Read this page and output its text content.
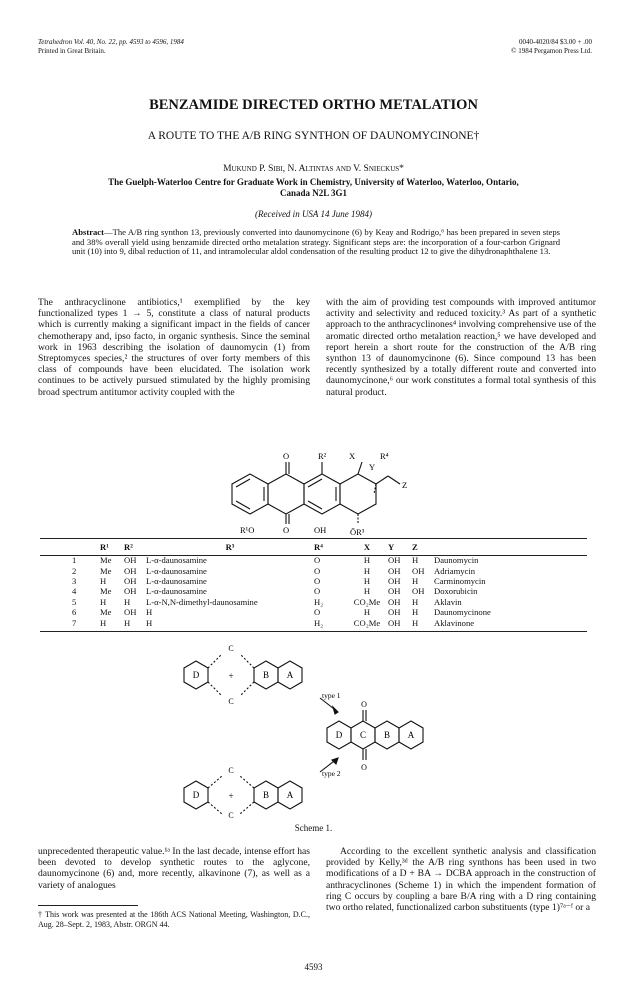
Tetrahedron Vol. 40, No. 22, pp. 4593 to 4596, 1984
Printed in Great Britain.
0040-4020/84 $3.00 + .00
© 1984 Pergamon Press Ltd.
BENZAMIDE DIRECTED ORTHO METALATION
A ROUTE TO THE A/B RING SYNTHON OF DAUNOMYCINONE†
Mukund P. Sibi, N. Altintas and V. Snieckus*
The Guelph-Waterloo Centre for Graduate Work in Chemistry, University of Waterloo, Waterloo, Ontario,
Canada N2L 3G1
(Received in USA 14 June 1984)
Abstract—The A/B ring synthon 13, previously converted into daunomycinone (6) by Keay and Rodrigo,⁶ has been prepared in seven steps and 38% overall yield using benzamide directed ortho metalation strategy. Significant steps are: the incorporation of a four-carbon Grignard unit (10) into 9, dibal reduction of 11, and intramolecular aldol condensation of the resulting product 12 to give the dihydronaphthalene 13.

The anthracyclinone antibiotics,¹ exemplified by the key functionalized types 1 → 5, constitute a class of natural products which is currently making a significant impact in the fields of cancer chemotherapy and, ipso facto, in organic synthesis. Since the seminal work in 1963 describing the isolation of daunomycin (1) from Streptomyces species,² the structures of over forty members of this class of compounds have been elucidated. The isolation work continues to be actively pursued stimulated by the highly promising broad spectrum antitumor activity coupled with the

with the aim of providing test compounds with improved antitumor activity and selectivity and reduced toxicity.³ As part of a synthetic approach to the anthracyclinones⁴ involving comprehensive use of the aromatic directed ortho metalation reaction,⁵ we have developed and report herein a short route for the construction of the A/B ring synthon 13 of daunomycinone (6). Since compound 13 has been recently synthesized by a totally different route and converted into daunomycinone,⁶ our work constitutes a formal total synthesis of this natural product.

O	R²	X
Y
R⁴
Z
R¹O	O	OH	ŌR³
	R¹	R²	R³	R⁴	X	Y	Z	
1	Me	OH	L-α-daunosamine	O	H	OH	H	Daunomycin
2	Me	OH	L-α-daunosamine	O	H	OH	OH	Adriamycin
3	H	OH	L-α-daunosamine	O	H	OH	H	Carminomycin
4	Me	OH	L-α-daunosamine	O	H	OH	OH	Doxorubicin
5	H	H	L-α-N,N-dimethyl-daunosamine	H₂	CO₂Me	OH	H	Aklavin
6	Me	OH	H	O	H	OH	H	Daunomycinone
7	H	H	H	H₂	CO₂Me	OH	H	Aklavinone
D	+	B A
C
C
D C B A
O
O
D	+	B A
C
C
type 1
type 2
Scheme 1.

unprecedented therapeutic value.¹ᵃ In the last decade, intense effort has been devoted to develop synthetic routes to the aglycone, daunomycinone (6) and, more recently, alkavinone (7), as well as a variety of analogues

† This work was presented at the 186th ACS National Meeting, Washington, D.C., Aug. 28–Sept. 2, 1983, Abstr. ORGN 44.

According to the excellent synthetic analysis and classification provided by Kelly,³ᵈ the A/B ring synthons has been used in two modifications of a D + BA → DCBA approach in the construction of anthracyclinones (Scheme 1) in which the impendent formation of ring C occurs by coupling a bare B/A ring with a D ring containing two ortho related, functionalized carbon substituents (type 1)⁷ᵃ⁻ᶠ or a

4593
